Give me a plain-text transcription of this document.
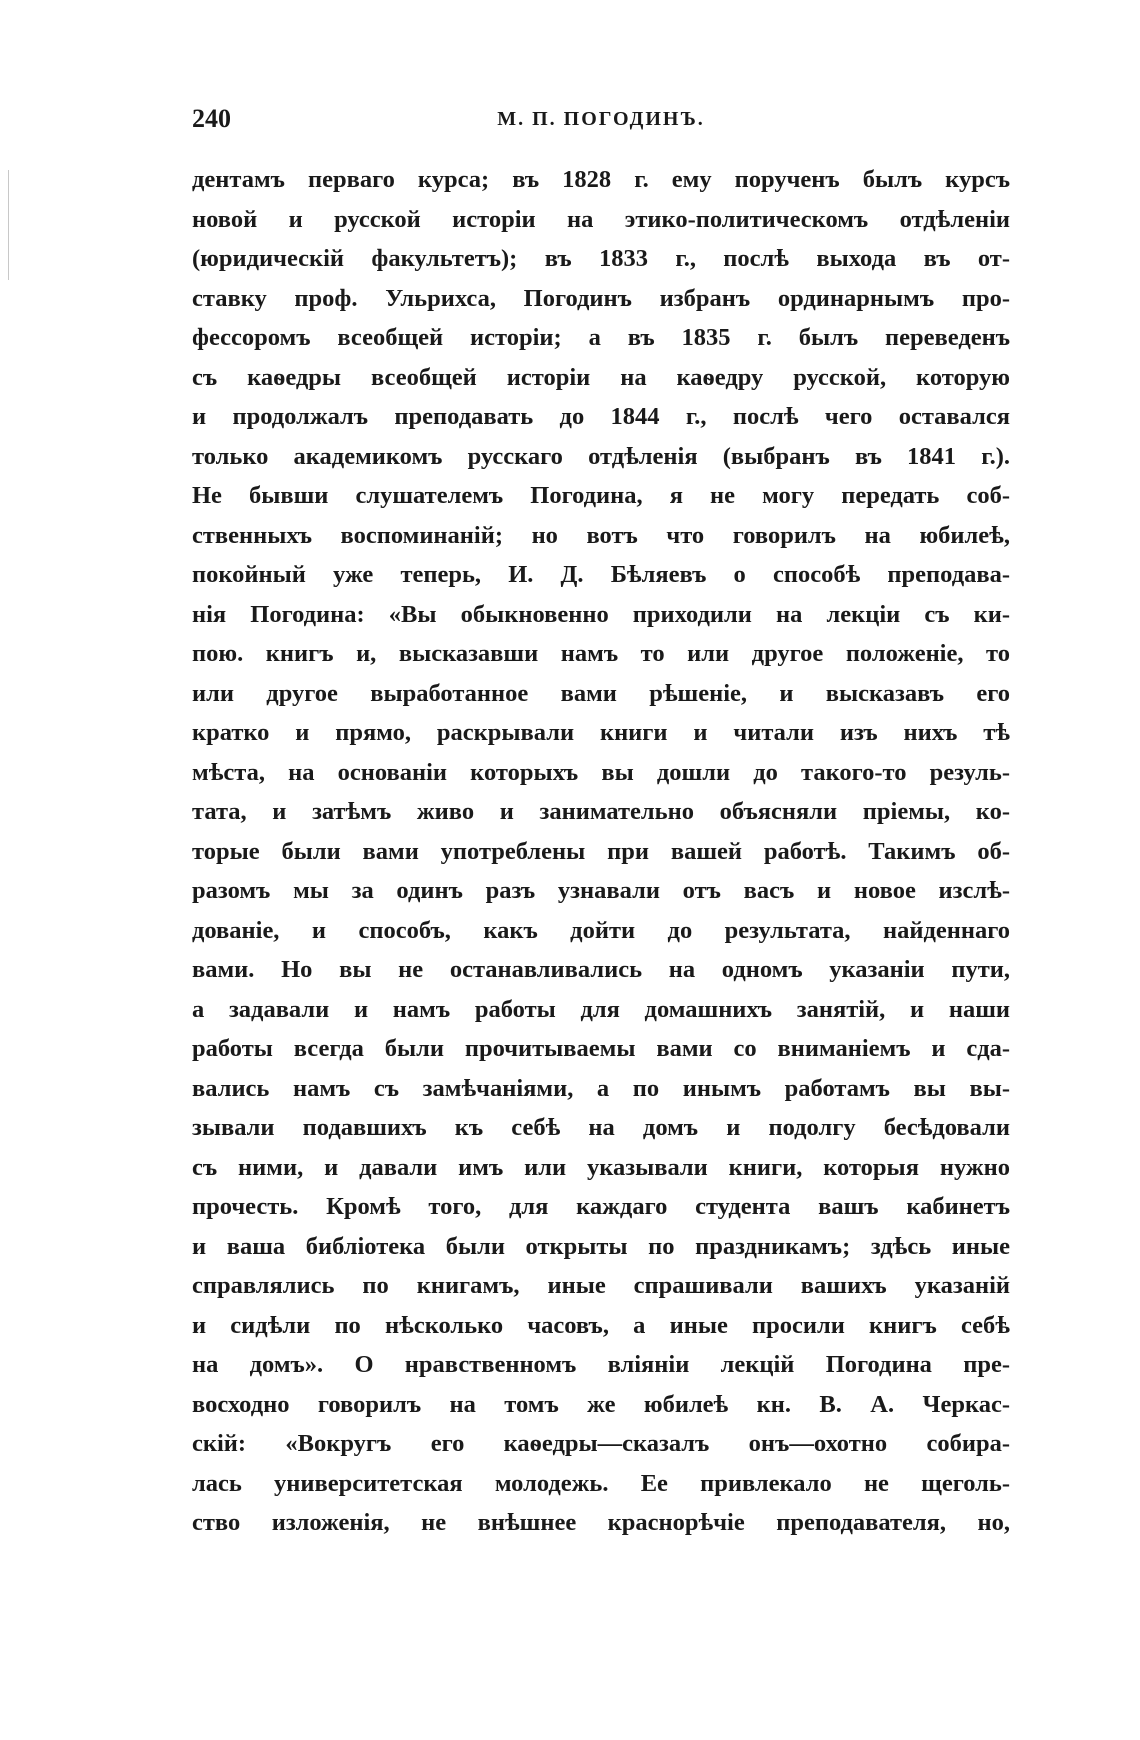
240	М. П. ПОГОДИНЪ.
дентамъ перваго курса; въ 1828 г. ему порученъ былъ курсъ
новой и русской исторіи на этико-политическомъ отдѣленіи
(юридическій факультетъ); въ 1833 г., послѣ выхода въ от-
ставку проф. Ульрихса, Погодинъ избранъ ординарнымъ про-
фессоромъ всеобщей исторіи; а въ 1835 г. былъ переведенъ
съ каѳедры всеобщей исторіи на каѳедру русской, которую
и продолжалъ преподавать до 1844 г., послѣ чего оставался
только академикомъ русскаго отдѣленія (выбранъ въ 1841 г.).
Не бывши слушателемъ Погодина, я не могу передать соб-
ственныхъ воспоминаній; но вотъ что говорилъ на юбилеѣ,
покойный уже теперь, И. Д. Бѣляевъ о способѣ преподава-
нія Погодина: «Вы обыкновенно приходили на лекціи съ ки-
пою. книгъ и, высказавши намъ то или другое положеніе, то
или другое выработанное вами рѣшеніе, и высказавъ его
кратко и прямо, раскрывали книги и читали изъ нихъ тѣ
мѣста, на основаніи которыхъ вы дошли до такого-то резуль-
тата, и затѣмъ живо и занимательно объясняли пріемы, ко-
торые были вами употреблены при вашей работѣ. Такимъ об-
разомъ мы за одинъ разъ узнавали отъ васъ и новое изслѣ-
дованіе, и способъ, какъ дойти до результата, найденнаго
вами. Но вы не останавливались на одномъ указаніи пути,
а задавали и намъ работы для домашнихъ занятій, и наши
работы всегда были прочитываемы вами со вниманіемъ и сда-
вались намъ съ замѣчаніями, а по инымъ работамъ вы вы-
зывали подавшихъ къ себѣ на домъ и подолгу бесѣдовали
съ ними, и давали имъ или указывали книги, которыя нужно
прочесть. Кромѣ того, для каждаго студента вашъ кабинетъ
и ваша библіотека были открыты по праздникамъ; здѣсь иные
справлялись по книгамъ, иные спрашивали вашихъ указаній
и сидѣли по нѣсколько часовъ, а иные просили книгъ себѣ
на домъ». О нравственномъ вліяніи лекцій Погодина пре-
восходно говорилъ на томъ же юбилеѣ кн. В. А. Черкас-
скій: «Вокругъ его каѳедры—сказалъ онъ—охотно собира-
лась университетская молодежь. Ее привлекало не щеголь-
ство изложенія, не внѣшнее краснорѣчіе преподавателя, но,
